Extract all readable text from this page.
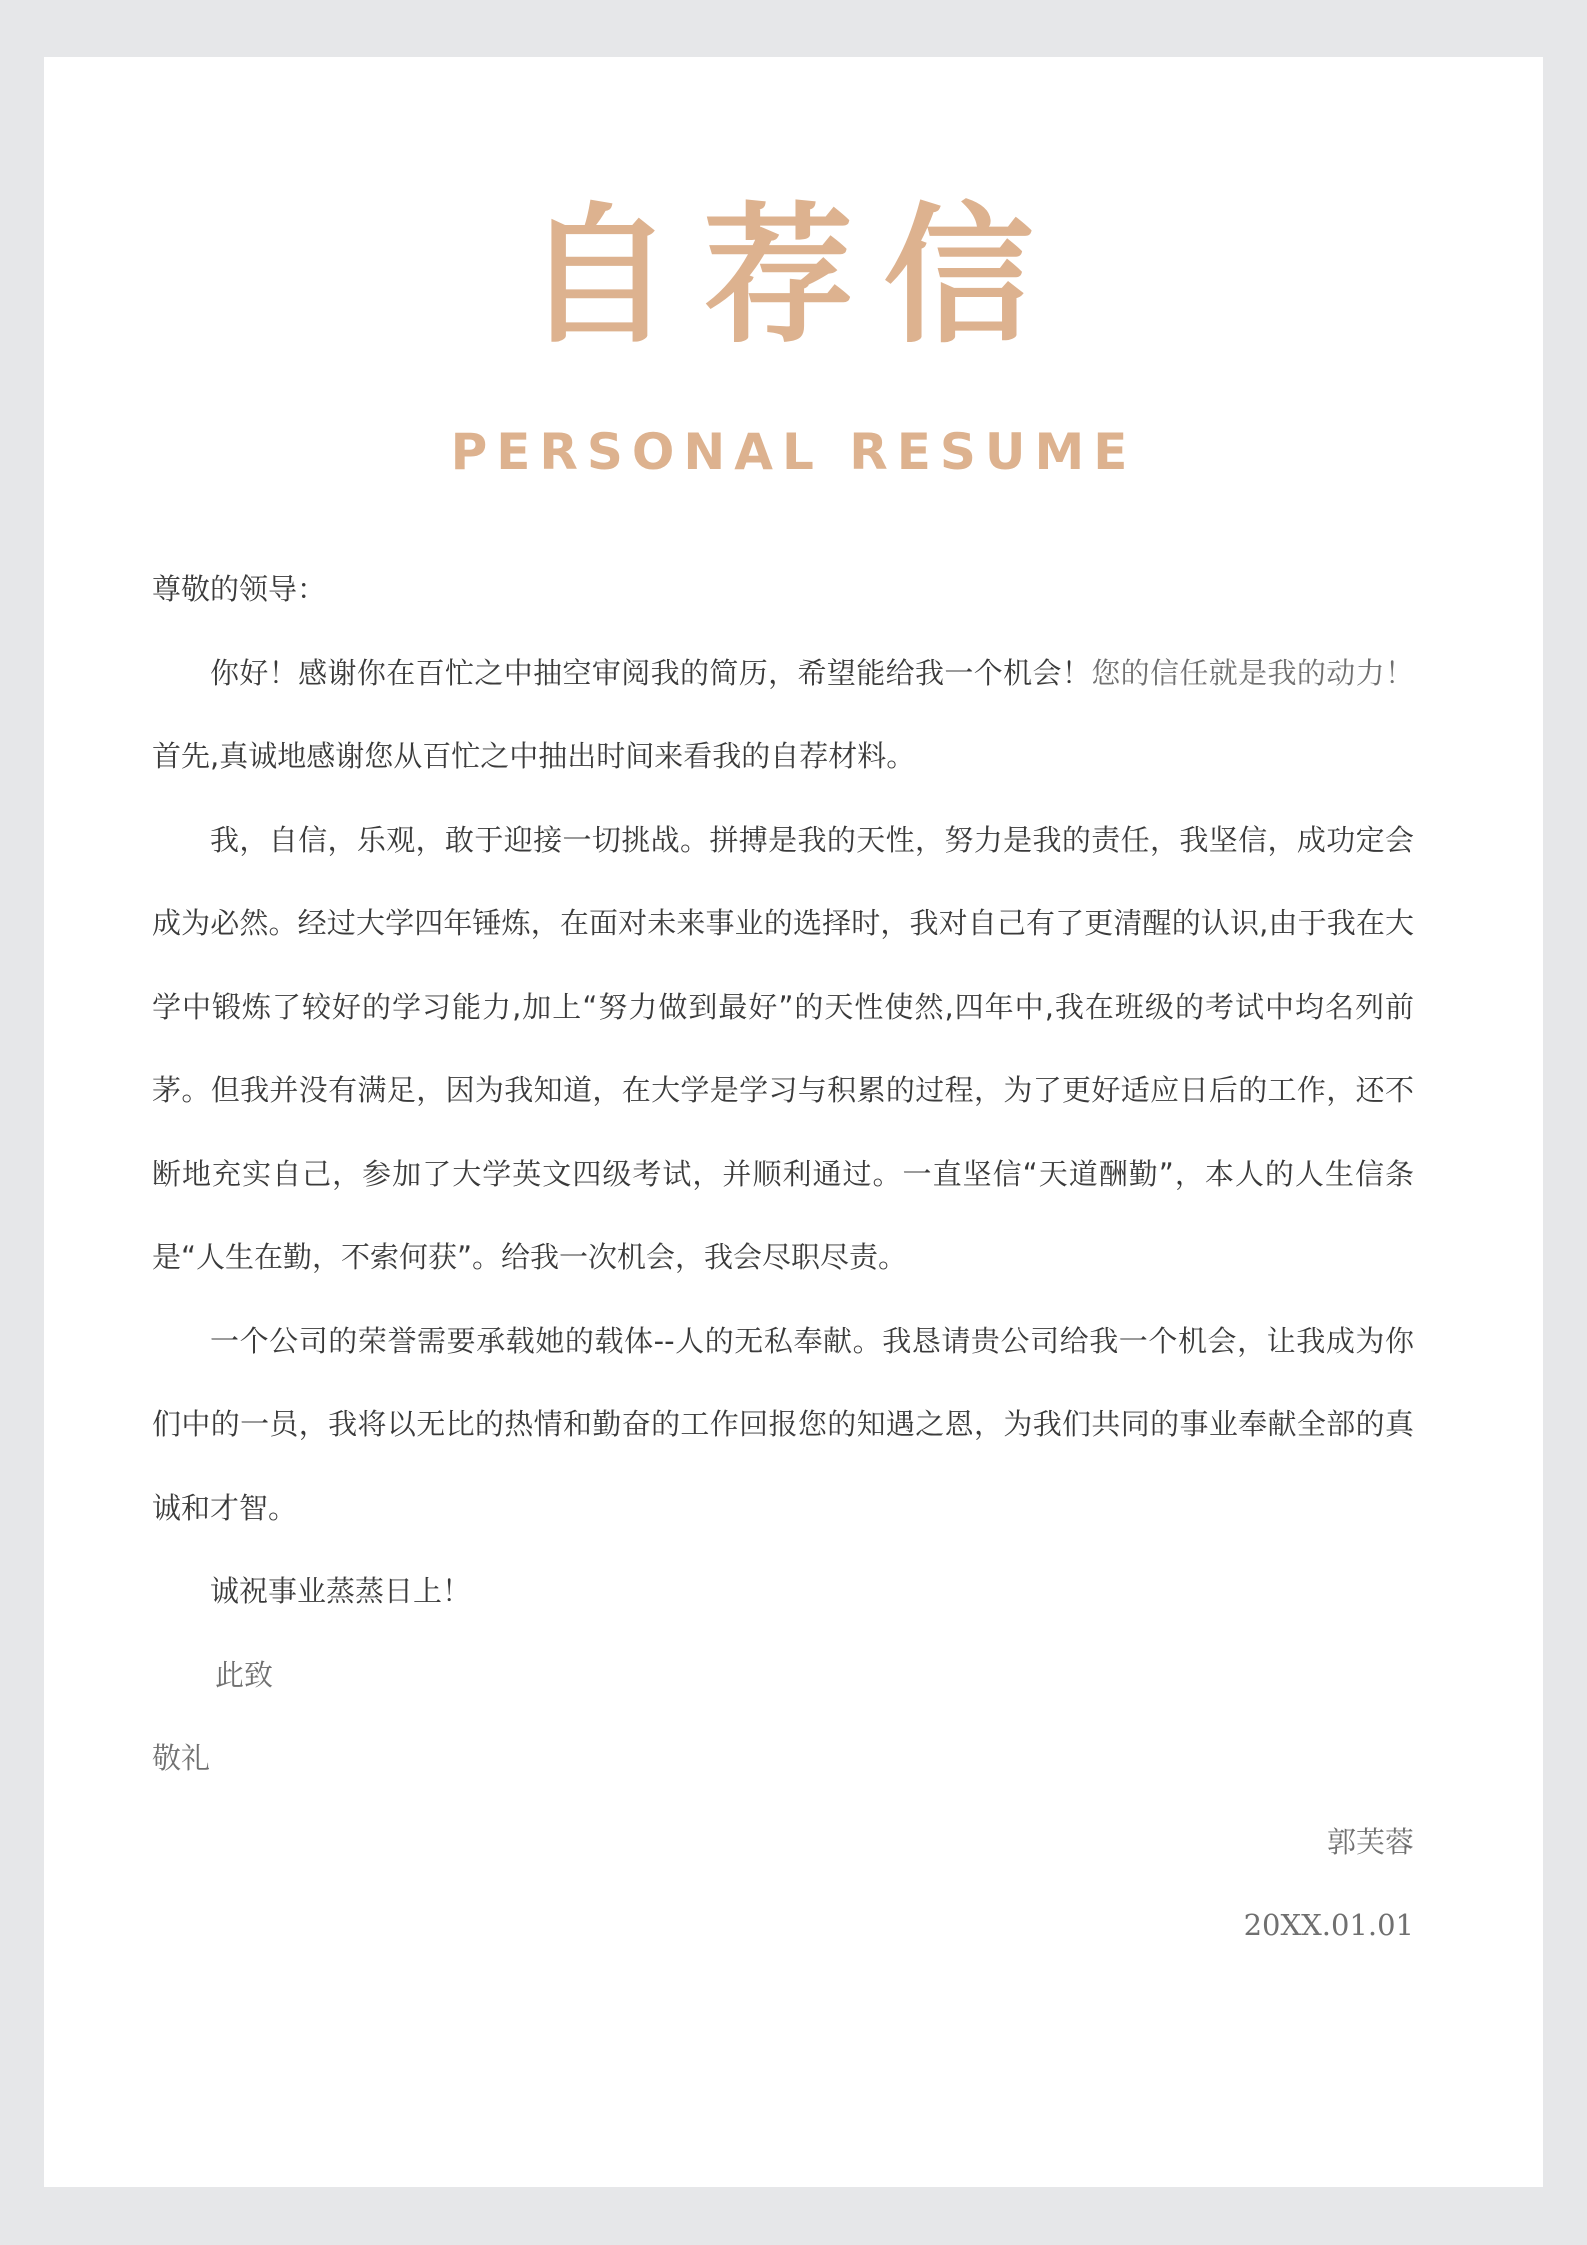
自荐信
PERSONAL RESUME

尊敬的领导：

你好！感谢你在百忙之中抽空审阅我的简历，希望能给我一个机会！您的信任就是我的动力！首先,真诚地感谢您从百忙之中抽出时间来看我的自荐材料。

我，自信，乐观，敢于迎接一切挑战。拼搏是我的天性，努力是我的责任，我坚信，成功定会成为必然。经过大学四年锤炼，在面对未来事业的选择时，我对自己有了更清醒的认识,由于我在大学中锻炼了较好的学习能力,加上“努力做到最好”的天性使然,四年中,我在班级的考试中均名列前茅。但我并没有满足，因为我知道，在大学是学习与积累的过程，为了更好适应日后的工作，还不断地充实自己，参加了大学英文四级考试，并顺利通过。一直坚信“天道酬勤”，本人的人生信条是“人生在勤，不索何获”。给我一次机会，我会尽职尽责。

一个公司的荣誉需要承载她的载体--人的无私奉献。我恳请贵公司给我一个机会，让我成为你们中的一员，我将以无比的热情和勤奋的工作回报您的知遇之恩，为我们共同的事业奉献全部的真诚和才智。

诚祝事业蒸蒸日上！

此致

敬礼

郭芙蓉

20XX.01.01
